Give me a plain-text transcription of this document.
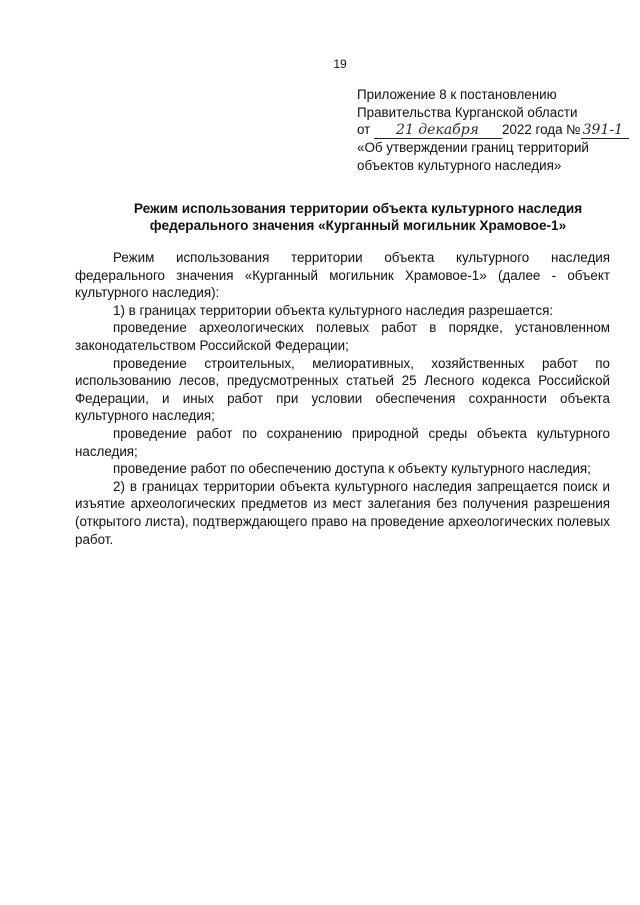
19
Приложение 8 к постановлению
Правительства Курганской области
от 21 декабря 2022 года № 391-1
«Об утверждении границ территорий
объектов культурного наследия»
Режим использования территории объекта культурного наследия
федерального значения «Курганный могильник Храмовое-1»

Режим использования территории объекта культурного наследия федерального значения «Курганный могильник Храмовое-1» (далее - объект культурного наследия):

1) в границах территории объекта культурного наследия разрешается:

проведение археологических полевых работ в порядке, установленном законодательством Российской Федерации;

проведение строительных, мелиоративных, хозяйственных работ по использованию лесов, предусмотренных статьей 25 Лесного кодекса Российской Федерации, и иных работ при условии обеспечения сохранности объекта культурного наследия;

проведение работ по сохранению природной среды объекта культурного наследия;

проведение работ по обеспечению доступа к объекту культурного наследия;

2) в границах территории объекта культурного наследия запрещается поиск и изъятие археологических предметов из мест залегания без получения разрешения (открытого листа), подтверждающего право на проведение археологических полевых работ.
